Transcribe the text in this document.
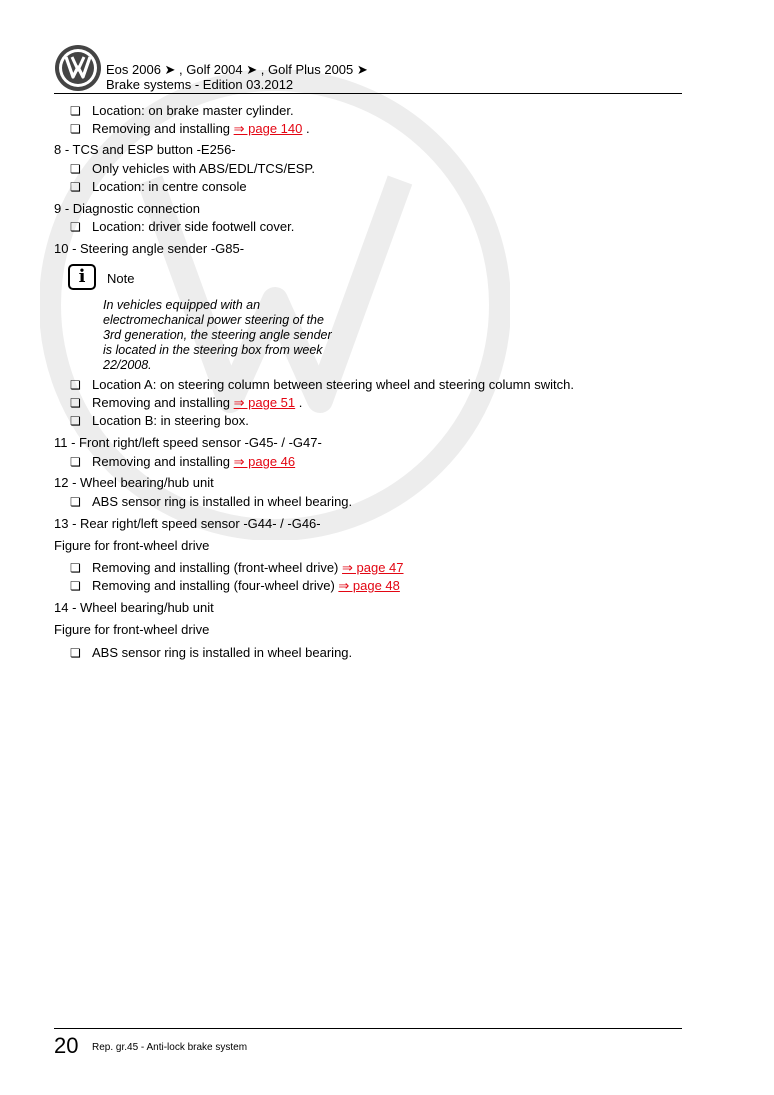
Eos 2006 ➤ , Golf 2004 ➤ , Golf Plus 2005 ➤
Brake systems - Edition 03.2012
❏ Location: on brake master cylinder.
❏ Removing and installing ⇒ page 140 .
8 - TCS and ESP button -E256-
❏ Only vehicles with ABS/EDL/TCS/ESP.
❏ Location: in centre console
9 - Diagnostic connection
❏ Location: driver side footwell cover.
10 - Steering angle sender -G85-
i	Note
In vehicles equipped with an electromechanical power steering of the 3rd generation, the steering angle sender is located in the steering box from week 22/2008.
❏ Location A: on steering column between steering wheel and steering column switch.
❏ Removing and installing ⇒ page 51 .
❏ Location B: in steering box.
11 - Front right/left speed sensor -G45- / -G47-
❏ Removing and installing ⇒ page 46
12 - Wheel bearing/hub unit
❏ ABS sensor ring is installed in wheel bearing.
13 - Rear right/left speed sensor -G44- / -G46-
Figure for front-wheel drive
❏ Removing and installing (front-wheel drive) ⇒ page 47
❏ Removing and installing (four-wheel drive) ⇒ page 48
14 - Wheel bearing/hub unit
Figure for front-wheel drive
❏ ABS sensor ring is installed in wheel bearing.
20 Rep. gr.45 - Anti-lock brake system
